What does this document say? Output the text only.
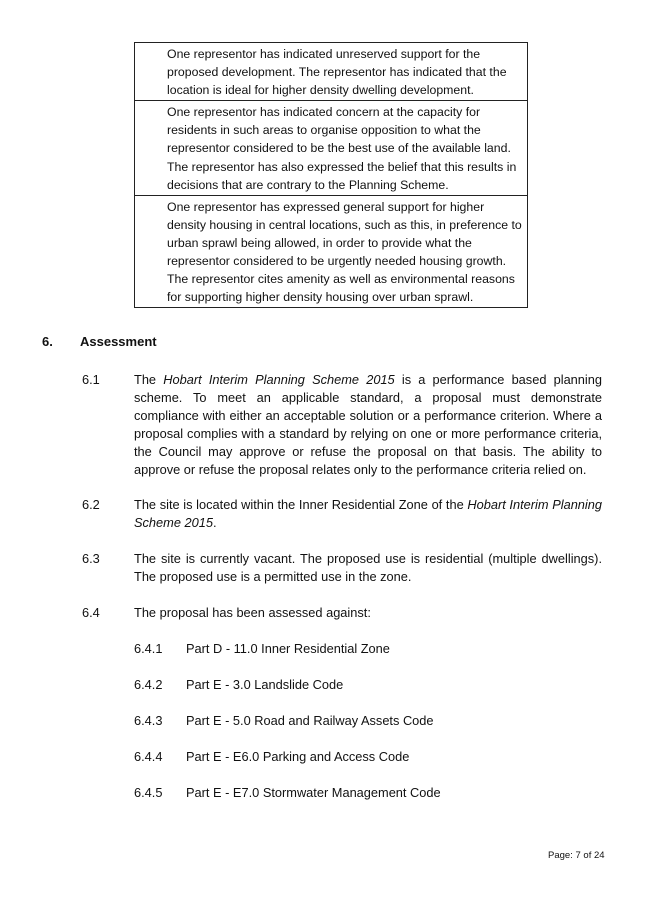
One representor has indicated unreserved support for the proposed development. The representor has indicated that the location is ideal for higher density dwelling development.
One representor has indicated concern at the capacity for residents in such areas to organise opposition to what the representor considered to be the best use of the available land. The representor has also expressed the belief that this results in decisions that are contrary to the Planning Scheme.
One representor has expressed general support for higher density housing in central locations, such as this, in preference to urban sprawl being allowed, in order to provide what the representor considered to be urgently needed housing growth. The representor cites amenity as well as environmental reasons for supporting higher density housing over urban sprawl.
6. Assessment
6.1	The Hobart Interim Planning Scheme 2015 is a performance based planning scheme. To meet an applicable standard, a proposal must demonstrate compliance with either an acceptable solution or a performance criterion. Where a proposal complies with a standard by relying on one or more performance criteria, the Council may approve or refuse the proposal on that basis. The ability to approve or refuse the proposal relates only to the performance criteria relied on.
6.2	The site is located within the Inner Residential Zone of the Hobart Interim Planning Scheme 2015.
6.3	The site is currently vacant. The proposed use is residential (multiple dwellings). The proposed use is a permitted use in the zone.
6.4	The proposal has been assessed against:
6.4.1 Part D - 11.0 Inner Residential Zone
6.4.2 Part E - 3.0 Landslide Code
6.4.3 Part E - 5.0 Road and Railway Assets Code
6.4.4 Part E - E6.0 Parking and Access Code
6.4.5 Part E - E7.0 Stormwater Management Code
Page: 7 of 24
